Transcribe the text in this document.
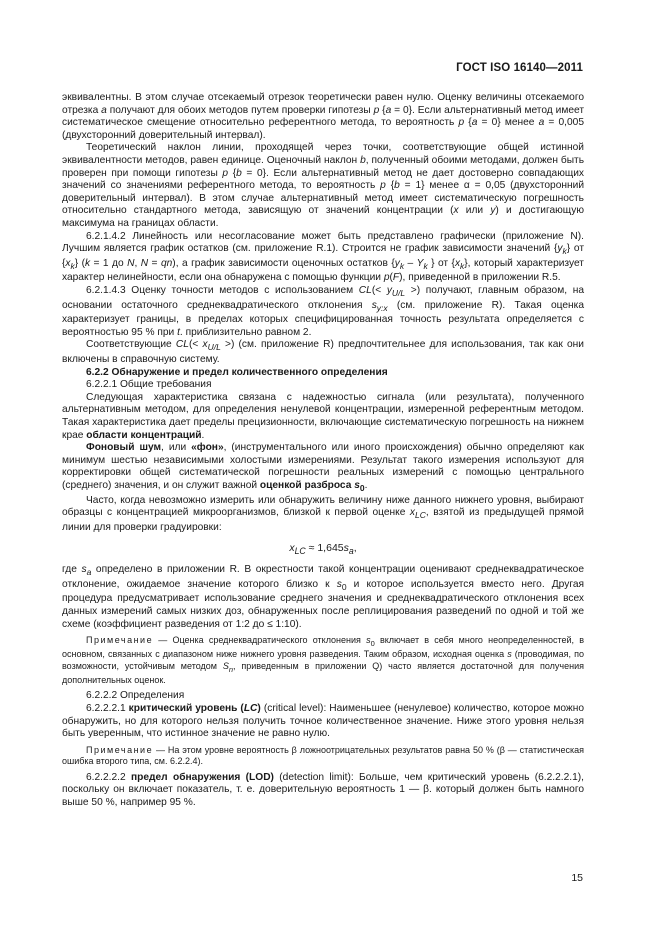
ГОСТ ISO 16140—2011

эквивалентны. В этом случае отсекаемый отрезок теоретически равен нулю. Оценку величины отсекаемого отрезка a получают для обоих методов путем проверки гипотезы p {a = 0}. Если альтернативный метод имеет систематическое смещение относительно референтного метода, то вероятность p {a = 0} менее a = 0,005 (двухсторонний доверительный интервал).

Теоретический наклон линии, проходящей через точки, соответствующие общей истинной эквивалентности методов, равен единице. Оценочный наклон b, полученный обоими методами, должен быть проверен при помощи гипотезы p {b = 0}. Если альтернативный метод не дает достоверно совпадающих значений со значениями референтного метода, то вероятность p {b = 1} менее α = 0,05 (двухсторонний доверительный интервал). В этом случае альтернативный метод имеет систематическую погрешность относительно стандартного метода, зависящую от значений концентрации (x или y) и достигающую максимума на границах области.

6.2.1.4.2 Линейность или несогласование может быть представлено графически (приложение N). Лучшим является график остатков (см. приложение R.1). Строится не график зависимости значений $\{y_k\}$ от $\{x_k\} (k = 1$ до N, N = qn), а график зависимости оценочных остатков {$y_k - Y_k$ } от $\{x_k\}$, который характеризует характер нелинейности, если она обнаружена с помощью функции p(F), приведенной в приложении R.5.

6.2.1.4.3 Оценку точности методов с использованием $CL(< y_{U/L}$ >) получают, главным образом, на основании остаточного среднеквадратического отклонения $s_{y:x}$ (см. приложение R). Такая оценка характеризует границы, в пределах которых специфицированная точность результата определяется с вероятностью 95 % при t. приблизительно равном 2.

Соответствующие $CL(< x_{U/L}$ >) (см. приложение R) предпочтительнее для использования, так как они включены в справочную систему.

6.2.2 Обнаружение и предел количественного определения

6.2.2.1 Общие требования

Следующая характеристика связана с надежностью сигнала (или результата), полученного альтернативным методом, для определения ненулевой концентрации, измеренной референтным методом. Такая характеристика дает пределы прецизионности, включающие систематическую погрешность на нижнем крае области концентраций.

Фоновый шум, или «фон», (инструментального или иного происхождения) обычно определяют как минимум шестью независимыми холостыми измерениями. Результат такого измерения используют для корректировки общей систематической погрешности реальных измерений с помощью центрального (среднего) значения, и он служит важной оценкой разброса $s_0$.

Часто, когда невозможно измерить или обнаружить величину ниже данного нижнего уровня, выбирают образцы с концентрацией микроорганизмов, близкой к первой оценке $x_{LC}$, взятой из предыдущей прямой линии для проверки градуировки:

$x_{LC} \approx 1,645s_a$,

где $s_a$ определено в приложении R. В окрестности такой концентрации оценивают среднеквадратическое отклонение, ожидаемое значение которого близко к $s_0$ и которое используется вместо него. Другая процедура предусматривает использование среднего значения и среднеквадратического отклонения всех данных измерений самых низких доз, обнаруженных после реплицирования разведений по одной и той же схеме (коэффициент разведения от 1:2 до ≤ 1:10).

Примечание — Оценка среднеквадратического отклонения $s_0$ включает в себя много неопределенностей, в основном, связанных с диапазоном ниже нижнего уровня разведения. Таким образом, исходная оценка s (проводимая, по возможности, устойчивым методом $S_n$, приведенным в приложении Q) часто является достаточной для получения дополнительных оценок.

6.2.2.2 Определения

6.2.2.2.1 критический уровень (LC) (critical level): Наименьшее (ненулевое) количество, которое можно обнаружить, но для которого нельзя получить точное количественное значение. Ниже этого уровня нельзя быть уверенным, что истинное значение не равно нулю.

Примечание — На этом уровне вероятность β ложноотрицательных результатов равна 50 % (β — статистическая ошибка второго типа, см. 6.2.2.4).

6.2.2.2.2 предел обнаружения (LOD) (detection limit): Больше, чем критический уровень (6.2.2.2.1), поскольку он включает показатель, т. е. доверительную вероятность 1 — β. который должен быть намного выше 50 %, например 95 %.

15
